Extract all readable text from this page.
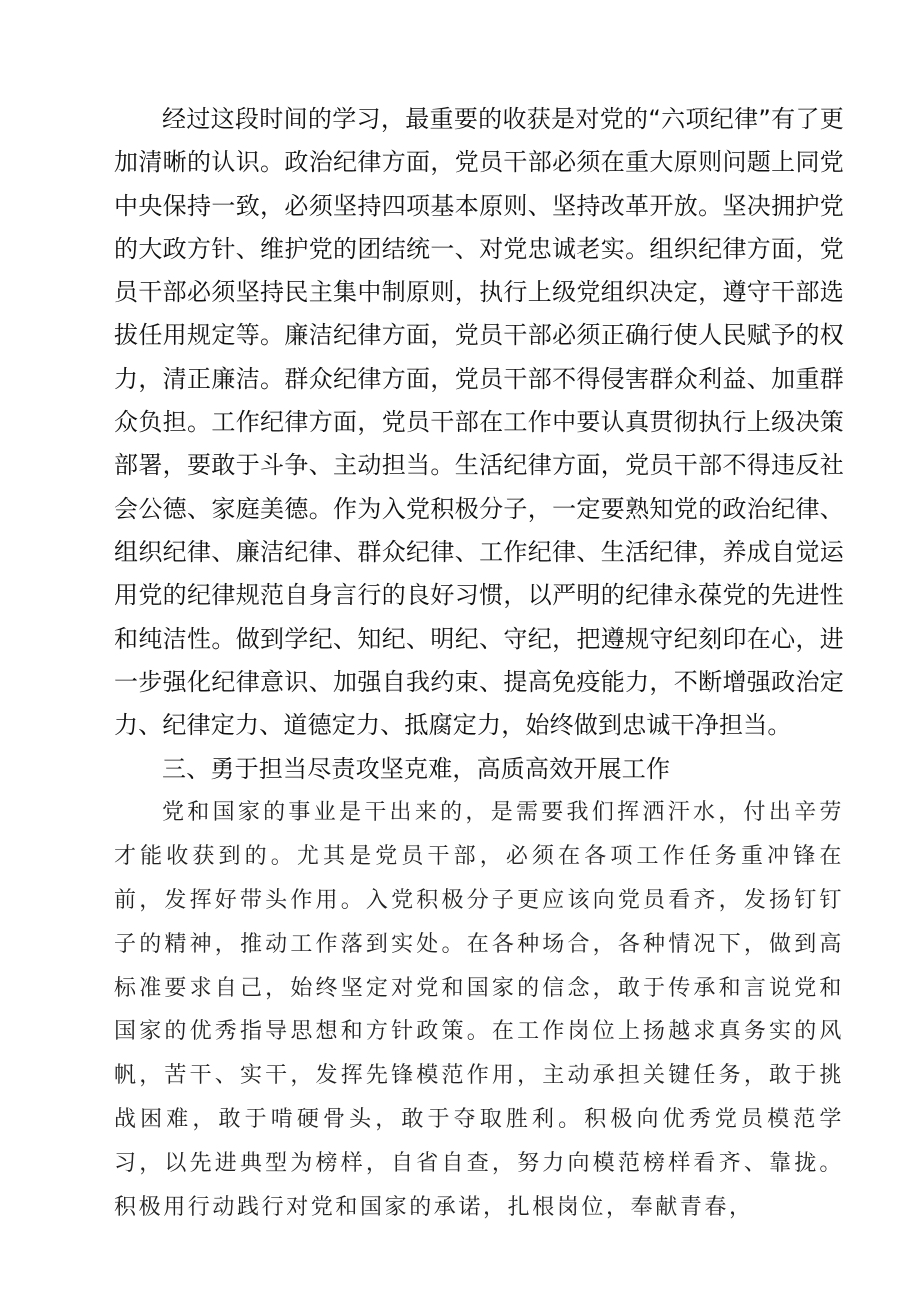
经过这段时间的学习，最重要的收获是对党的“六项纪律”有了更加清晰的认识。政治纪律方面，党员干部必须在重大原则问题上同党中央保持一致，必须坚持四项基本原则、坚持改革开放。坚决拥护党的大政方针、维护党的团结统一、对党忠诚老实。组织纪律方面，党员干部必须坚持民主集中制原则，执行上级党组织决定，遵守干部选拔任用规定等。廉洁纪律方面，党员干部必须正确行使人民赋予的权力，清正廉洁。群众纪律方面，党员干部不得侵害群众利益、加重群众负担。工作纪律方面，党员干部在工作中要认真贯彻执行上级决策部署，要敢于斗争、主动担当。生活纪律方面，党员干部不得违反社会公德、家庭美德。作为入党积极分子，一定要熟知党的政治纪律、组织纪律、廉洁纪律、群众纪律、工作纪律、生活纪律，养成自觉运用党的纪律规范自身言行的良好习惯，以严明的纪律永葆党的先进性和纯洁性。做到学纪、知纪、明纪、守纪，把遵规守纪刻印在心，进一步强化纪律意识、加强自我约束、提高免疫能力，不断增强政治定力、纪律定力、道德定力、抵腐定力，始终做到忠诚干净担当。

三、勇于担当尽责攻坚克难，高质高效开展工作

党和国家的事业是干出来的，是需要我们挥洒汗水，付出辛劳才能收获到的。尤其是党员干部，必须在各项工作任务重冲锋在前，发挥好带头作用。入党积极分子更应该向党员看齐，发扬钉钉子的精神，推动工作落到实处。在各种场合，各种情况下，做到高标准要求自己，始终坚定对党和国家的信念，敢于传承和言说党和国家的优秀指导思想和方针政策。在工作岗位上扬越求真务实的风帆，苦干、实干，发挥先锋模范作用，主动承担关键任务，敢于挑战困难，敢于啃硬骨头，敢于夺取胜利。积极向优秀党员模范学习，以先进典型为榜样，自省自查，努力向模范榜样看齐、靠拢。积极用行动践行对党和国家的承诺，扎根岗位，奉献青春，
